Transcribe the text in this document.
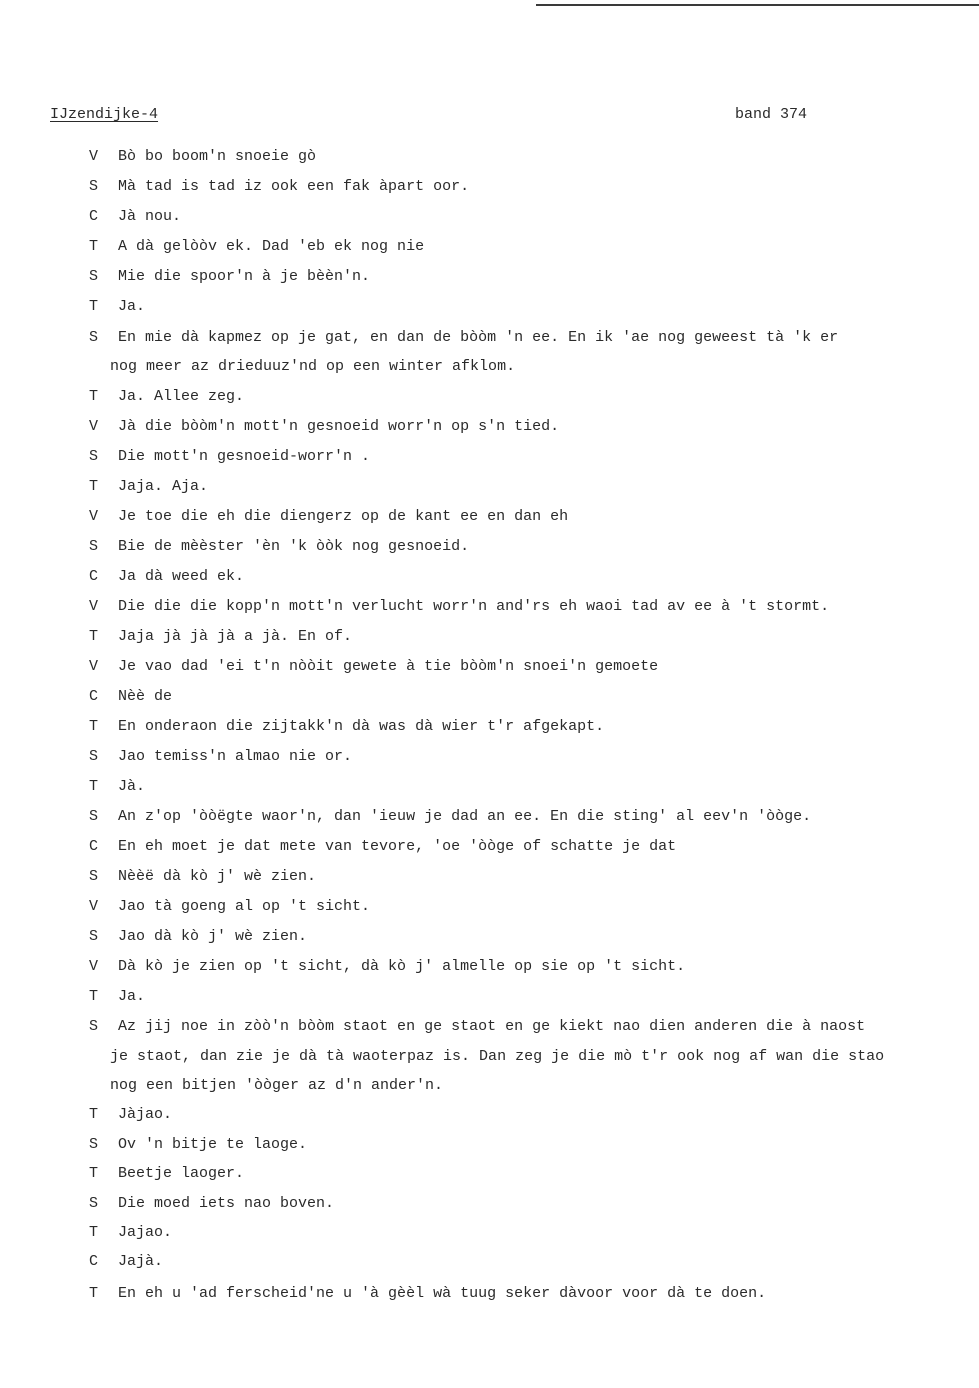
IJzendijke-4	band 374
V Bò bo boom'n snoeie gò
S Mà tad is tad iz ook een fak àpart oor.
C Jà nou.
T A dà gelòòv ek. Dad 'eb ek nog nie
S Mie die spoor'n à je bèèn'n.
T Ja.
S En mie dà kapmez op je gat, en dan de bòòm 'n ee. En ik 'ae nog geweest tà 'k er
nog meer az drieduuz'nd op een winter afklom.
T Ja. Allee zeg.
V Jà die bòòm'n mott'n gesnoeid worr'n op s'n tied.
S Die mott'n gesnoeid-worr'n .
T Jaja. Aja.
V Je toe die eh die diengerz op de kant ee en dan eh
S Bie de mèèster 'èn 'k òòk nog gesnoeid.
C Ja dà weed ek.
V Die die die kopp'n mott'n verlucht worr'n and'rs eh waoi tad av ee à 't stormt.
T Jaja jà jà jà a jà. En of.
V Je vao dad 'ei t'n nòòit gewete à tie bòòm'n snoei'n gemoete
C Nèè de
T En onderaon die zijtakk'n dà was dà wier t'r afgekapt.
S Jao temiss'n almao nie or.
T Jà.
S An z'op 'òòëgte waor'n, dan 'ieuw je dad an ee. En die sting' al eev'n 'òòge.
C En eh moet je dat mete van tevore, 'oe 'òòge of schatte je dat
S Nèèë dà kò j' wè zien.
V Jao tà goeng al op 't sicht.
S Jao dà kò j' wè zien.
V Dà kò je zien op 't sicht, dà kò j' almelle op sie op 't sicht.
T Ja.
S Az jij noe in zòò'n bòòm staot en ge staot en ge kiekt nao dien anderen die à naost
je staot, dan zie je dà tà waoterpaz is. Dan zeg je die mò t'r ook nog af wan die stao
nog een bitjen 'òòger az d'n ander'n.
T Jàjao.
S Ov 'n bitje te laoge.
T Beetje laoger.
S Die moed iets nao boven.
T Jajao.
C Jajà.
T En eh u 'ad ferscheid'ne u 'à gèèl wà tuug seker dàvoor voor dà te doen.
